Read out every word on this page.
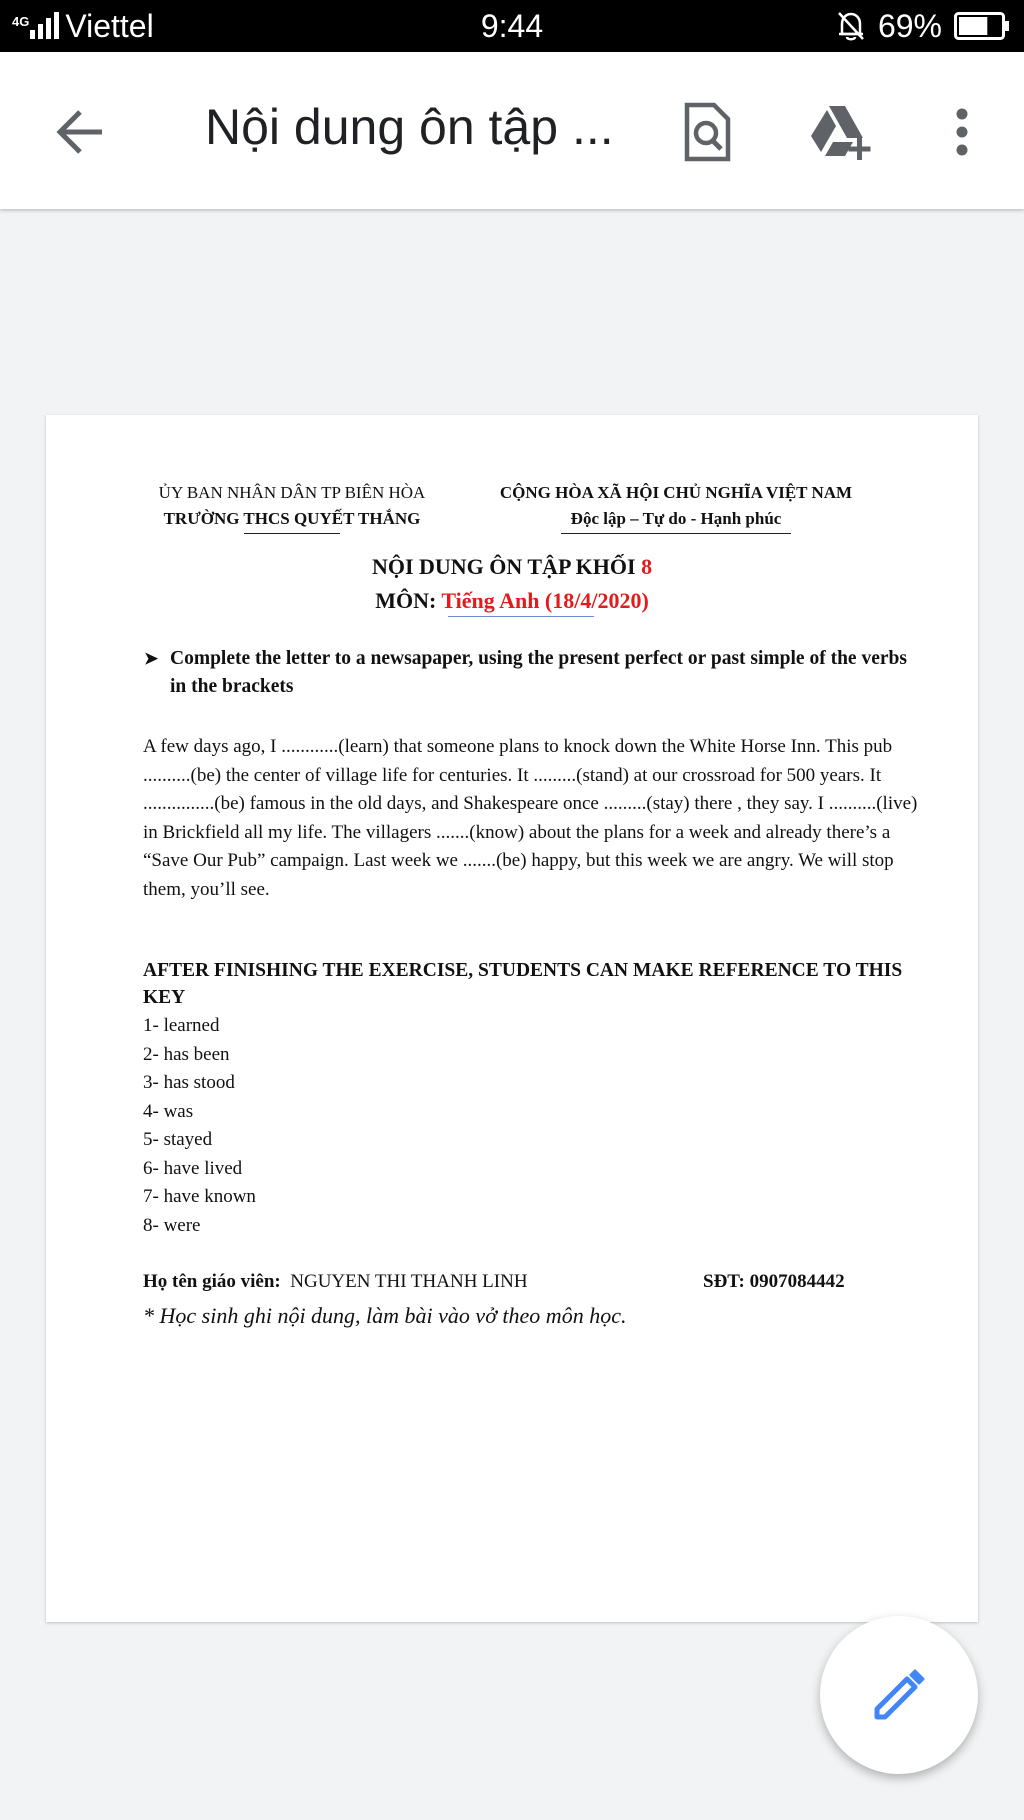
4G Viettel	9:44	69%
Nội dung ôn tập ...
ỦY BAN NHÂN DÂN TP BIÊN HÒA
TRƯỜNG THCS QUYẾT THẮNG
CỘNG HÒA XÃ HỘI CHỦ NGHĨA VIỆT NAM
Độc lập – Tự do - Hạnh phúc
NỘI DUNG ÔN TẬP KHỐI 8
MÔN: Tiếng Anh (18/4/2020)
➤ Complete the letter to a newsapaper, using the present perfect or past simple of the verbs in the brackets
A few days ago, I ............(learn) that someone plans to knock down the White Horse Inn. This pub ..........(be) the center of village life for centuries. It .........(stand) at our crossroad for 500 years. It ...............(be) famous in the old days, and Shakespeare once .........(stay) there , they say. I ..........(live) in Brickfield all my life. The villagers .......(know) about the plans for a week and already there’s a “Save Our Pub” campaign. Last week we .......(be) happy, but this week we are angry. We will stop them, you’ll see.
AFTER FINISHING THE EXERCISE, STUDENTS CAN MAKE REFERENCE TO THIS KEY
1- learned
2- has been
3- has stood
4- was
5- stayed
6- have lived
7- have known
8- were
Họ tên giáo viên: NGUYEN THI THANH LINH	SĐT: 0907084442
* Học sinh ghi nội dung, làm bài vào vở theo môn học.
